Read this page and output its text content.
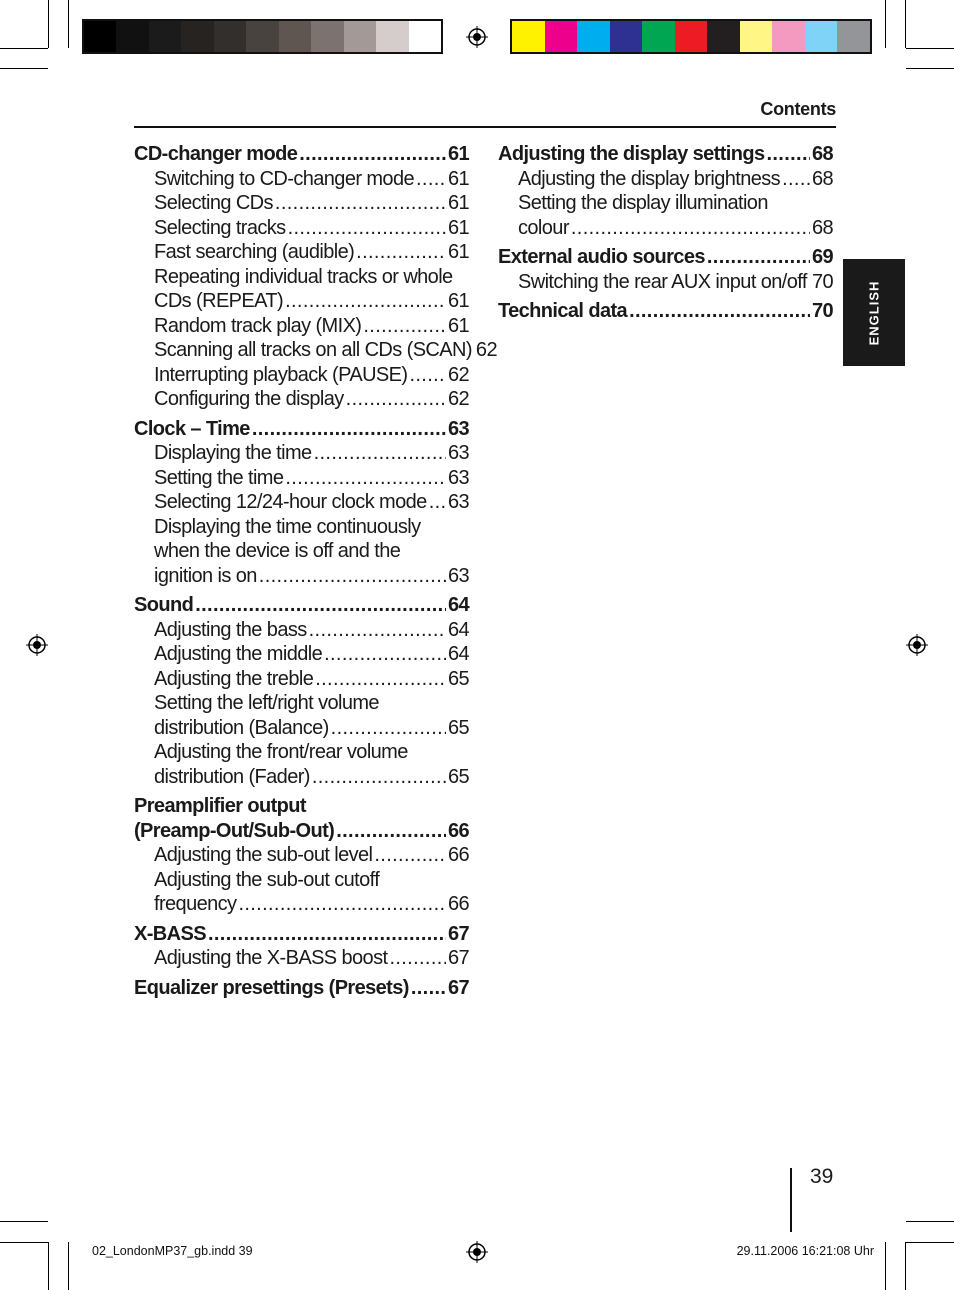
Contents
CD-changer mode . . .	61
Switching to CD-changer mode . . . 61
Selecting CDs . . .	61
Selecting tracks . . .	61
Fast searching (audible) . . .	61
Repeating individual tracks or whole
CDs (REPEAT) . . .	61
Random track play (MIX) . . .	61
Scanning all tracks on all CDs (SCAN) 62
Interrupting playback (PAUSE) . . . 62
Configuring the display . . .	62
Clock – Time . . .	63
Displaying the time . . .	63
Setting the time . . .	63
Selecting 12/24-hour clock mode . . . 63
Displaying the time continuously
when the device is off and the
ignition is on . . .	63
Sound . . .	64
Adjusting the bass . . .	64
Adjusting the middle . . .	64
Adjusting the treble . . .	65
Setting the left/right volume
distribution (Balance) . . .	65
Adjusting the front/rear volume
distribution (Fader) . . .	65
Preamplifier output
(Preamp-Out/Sub-Out) . . .	66
Adjusting the sub-out level . . .	66
Adjusting the sub-out cutoff
frequency . . .	66
X-BASS . . .	67
Adjusting the X-BASS boost . . .	67
Equalizer presettings (Presets) . . . 67
Adjusting the display settings . . . 68
Adjusting the display brightness . . . 68
Setting the display illumination
colour . . .	68
External audio sources . . .	69
Switching the rear AUX input on/off . . . 70
Technical data . . .	70	ENGLISH
39
02_LondonMP37_gb.indd 39	29.11.2006 16:21:08 Uhr
